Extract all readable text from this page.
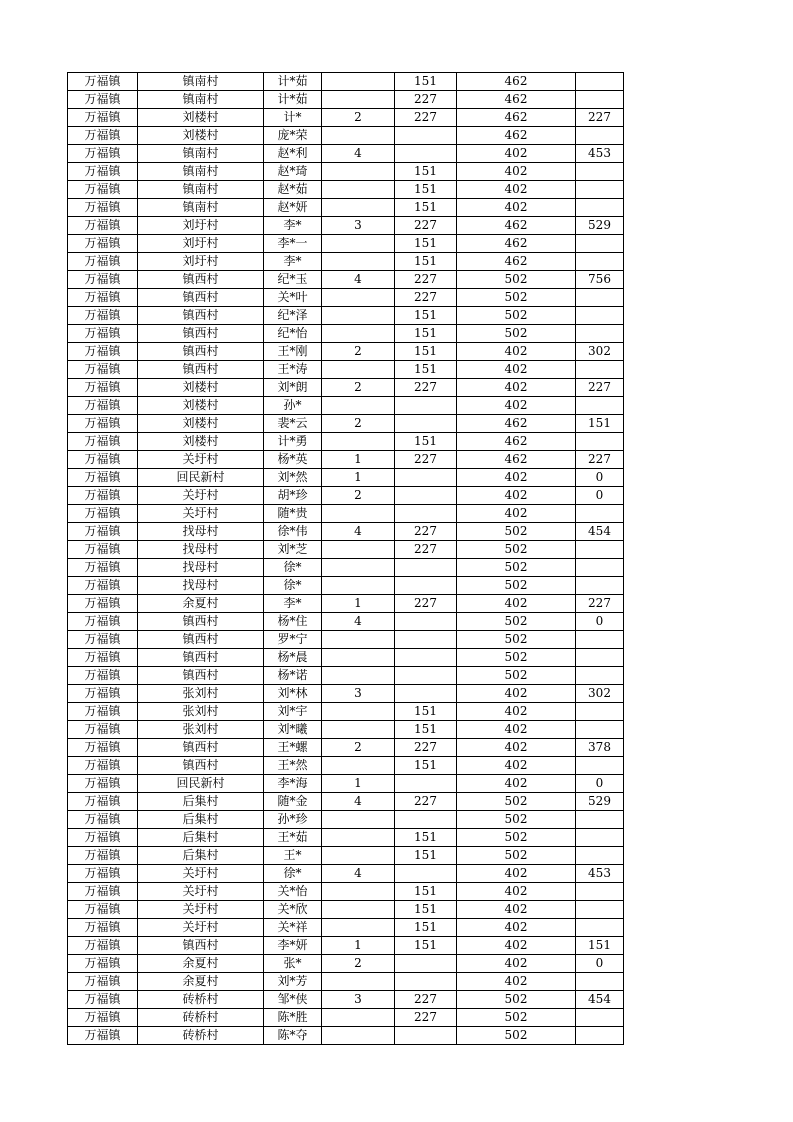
万福镇	镇南村	计*茹		151	462	
万福镇	镇南村	计*茹		227	462	
万福镇	刘楼村	计*	2	227	462	227
万福镇	刘楼村	庞*荣			462	
万福镇	镇南村	赵*利	4		402	453
万福镇	镇南村	赵*琦		151	402	
万福镇	镇南村	赵*茹		151	402	
万福镇	镇南村	赵*妍		151	402	
万福镇	刘圩村	李*	3	227	462	529
万福镇	刘圩村	李*一		151	462	
万福镇	刘圩村	李*		151	462	
万福镇	镇西村	纪*玉	4	227	502	756
万福镇	镇西村	关*叶		227	502	
万福镇	镇西村	纪*泽		151	502	
万福镇	镇西村	纪*怡		151	502	
万福镇	镇西村	王*刚	2	151	402	302
万福镇	镇西村	王*涛		151	402	
万福镇	刘楼村	刘*朗	2	227	402	227
万福镇	刘楼村	孙*			402	
万福镇	刘楼村	裴*云	2		462	151
万福镇	刘楼村	计*勇		151	462	
万福镇	关圩村	杨*英	1	227	462	227
万福镇	回民新村	刘*然	1		402	0
万福镇	关圩村	胡*珍	2		402	0
万福镇	关圩村	随*贵			402	
万福镇	找母村	徐*伟	4	227	502	454
万福镇	找母村	刘*芝		227	502	
万福镇	找母村	徐*			502	
万福镇	找母村	徐*			502	
万福镇	余夏村	李*	1	227	402	227
万福镇	镇西村	杨*住	4		502	0
万福镇	镇西村	罗*宁			502	
万福镇	镇西村	杨*晨			502	
万福镇	镇西村	杨*诺			502	
万福镇	张刘村	刘*林	3		402	302
万福镇	张刘村	刘*宇		151	402	
万福镇	张刘村	刘*曦		151	402	
万福镇	镇西村	王*螺	2	227	402	378
万福镇	镇西村	王*然		151	402	
万福镇	回民新村	李*海	1		402	0
万福镇	后集村	随*金	4	227	502	529
万福镇	后集村	孙*珍			502	
万福镇	后集村	王*茹		151	502	
万福镇	后集村	王*		151	502	
万福镇	关圩村	徐*	4		402	453
万福镇	关圩村	关*怡		151	402	
万福镇	关圩村	关*欣		151	402	
万福镇	关圩村	关*祥		151	402	
万福镇	镇西村	李*妍	1	151	402	151
万福镇	余夏村	张*	2		402	0
万福镇	余夏村	刘*芳			402	
万福镇	砖桥村	邹*侠	3	227	502	454
万福镇	砖桥村	陈*胜		227	502	
万福镇	砖桥村	陈*夺			502	
